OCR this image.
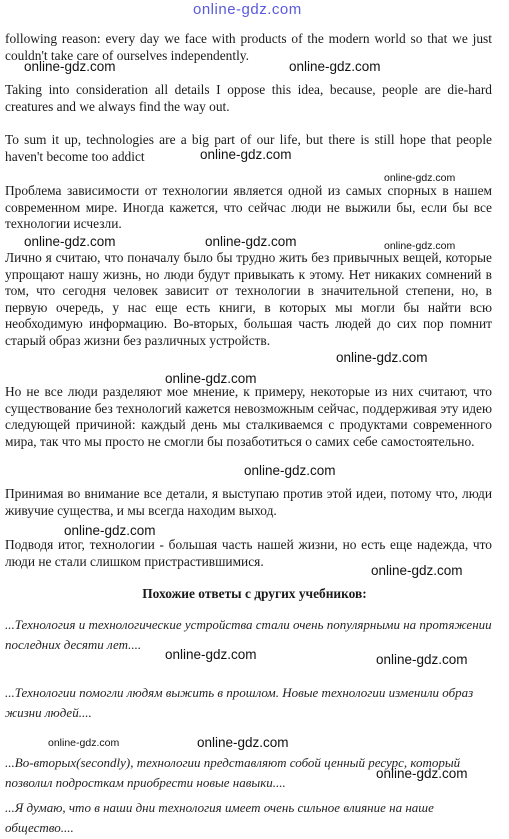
online-gdz.com

following reason: every day we face with products of the modern world so that we just couldn't take care of ourselves independently.

Taking into consideration all details I oppose this idea, because, people are die-hard creatures and we always find the way out.

To sum it up, technologies are a big part of our life, but there is still hope that people haven't become too addict

Проблема зависимости от технологии является одной из самых спорных в нашем современном мире. Иногда кажется, что сейчас люди не выжили бы, если бы все технологии исчезли.

Лично я считаю, что поначалу было бы трудно жить без привычных вещей, которые упрощают нашу жизнь, но люди будут привыкать к этому. Нет никаких сомнений в том, что сегодня человек зависит от технологии в значительной степени, но, в первую очередь, у нас еще есть книги, в которых мы могли бы найти всю необходимую информацию. Во-вторых, большая часть людей до сих пор помнит старый образ жизни без различных устройств.

Но не все люди разделяют мое мнение, к примеру, некоторые из них считают, что существование без технологий кажется невозможным сейчас, поддерживая эту идею следующей причиной: каждый день мы сталкиваемся с продуктами современного мира, так что мы просто не смогли бы позаботиться о самих себе самостоятельно.

Принимая во внимание все детали, я выступаю против этой идеи, потому что, люди живучие существа, и мы всегда находим выход.

Подводя итог, технологии - большая часть нашей жизни, но есть еще надежда, что люди не стали слишком пристрастившимися.

Похожие ответы с других учебников:

...Технология и технологические устройства стали очень популярными на протяжении последних десяти лет....

...Технологии помогли людям выжить в прошлом. Новые технологии изменили образ жизни людей....

...Во-вторых(secondly), технологии представляют собой ценный ресурс, который позволил подросткам приобрести новые навыки....

...Я думаю, что в наши дни технология имеет очень сильное влияние на наше общество....

online-gdz.com	online-gdz.com
online-gdz.com
online-gdz.com
online-gdz.com	online-gdz.com	online-gdz.com
online-gdz.com
online-gdz.com
online-gdz.com
online-gdz.com
online-gdz.com
online-gdz.com	online-gdz.com
online-gdz.com	online-gdz.com
online-gdz.com
